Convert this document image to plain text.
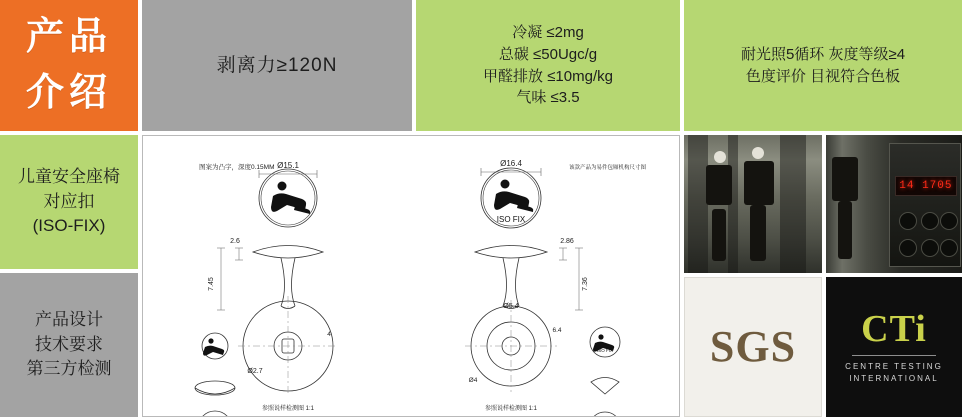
产品
介绍
剥离力≥120N
冷凝 ≤2mg
总碳 ≤50Ugc/g
甲醛排放 ≤10mg/kg
气味 ≤3.5
耐光照5循环 灰度等级≥4
色度评价 目视符合色板
儿童安全座椅
对应扣
(ISO-FIX)
产品设计
技术要求
第三方检测
ISO FIX
ISO FIX
图案为凸字，深度0.15MM	该款产品为易件包厢机构尺寸图
Ø15.1	Ø16.4
2.6
7.45
Ø2.7
4
2.86
7.36
Ø5.4
6.4
Ø4
参照说样检测图 1:1	参照说样检测图 1:1
14 1705
SGS CTi
CENTRE TESTING
INTERNATIONAL
